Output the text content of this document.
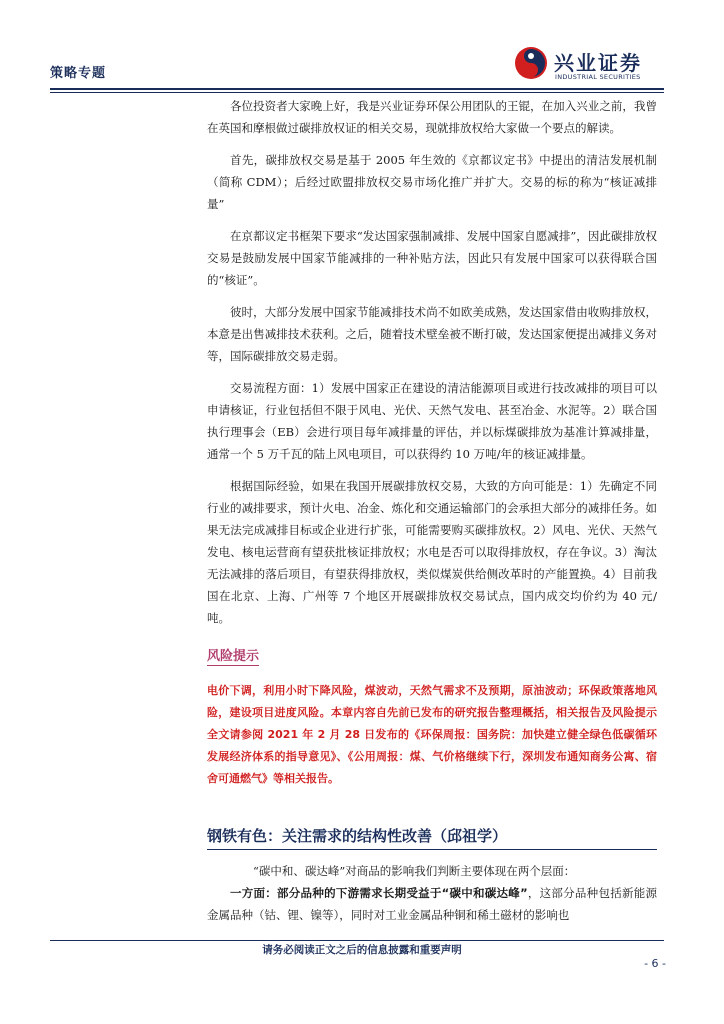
策略专题	兴业证券
INDUSTRIAL SECURITIES

各位投资者大家晚上好，我是兴业证券环保公用团队的王锟，在加入兴业之前，我曾在英国和摩根做过碳排放权证的相关交易，现就排放权给大家做一个要点的解读。

首先，碳排放权交易是基于 2005 年生效的《京都议定书》中提出的清洁发展机制（简称 CDM）；后经过欧盟排放权交易市场化推广并扩大。交易的标的称为“核证减排量”

在京都议定书框架下要求“发达国家强制减排、发展中国家自愿减排”，因此碳排放权交易是鼓励发展中国家节能减排的一种补贴方法，因此只有发展中国家可以获得联合国的“核证”。

彼时，大部分发展中国家节能减排技术尚不如欧美成熟，发达国家借由收购排放权，本意是出售减排技术获利。之后，随着技术壁垒被不断打破，发达国家便提出减排义务对等，国际碳排放交易走弱。

交易流程方面：1）发展中国家正在建设的清洁能源项目或进行技改减排的项目可以申请核证，行业包括但不限于风电、光伏、天然气发电、甚至冶金、水泥等。2）联合国执行理事会（EB）会进行项目每年减排量的评估，并以标煤碳排放为基准计算减排量，通常一个 5 万千瓦的陆上风电项目，可以获得约 10 万吨/年的核证减排量。

根据国际经验，如果在我国开展碳排放权交易，大致的方向可能是：1）先确定不同行业的减排要求，预计火电、冶金、炼化和交通运输部门的会承担大部分的减排任务。如果无法完成减排目标或企业进行扩张，可能需要购买碳排放权。2）风电、光伏、天然气发电、核电运营商有望获批核证排放权；水电是否可以取得排放权，存在争议。3）淘汰无法减排的落后项目，有望获得排放权，类似煤炭供给侧改革时的产能置换。4）目前我国在北京、上海、广州等 7 个地区开展碳排放权交易试点，国内成交均价约为 40 元/吨。

风险提示

电价下调，利用小时下降风险，煤波动，天然气需求不及预期，原油波动；环保政策落地风险，建设项目进度风险。本章内容自先前已发布的研究报告整理概括，相关报告及风险提示全文请参阅 2021 年 2 月 28 日发布的《环保周报：国务院：加快建立健全绿色低碳循环发展经济体系的指导意见》、《公用周报：煤、气价格继续下行，深圳发布通知商务公寓、宿舍可通燃气》等相关报告。

钢铁有色：关注需求的结构性改善（邱祖学）

“碳中和、碳达峰”对商品的影响我们判断主要体现在两个层面：

一方面：部分品种的下游需求长期受益于“碳中和碳达峰”，这部分品种包括新能源金属品种（钴、锂、镍等），同时对工业金属品种铜和稀土磁材的影响也

请务必阅读正文之后的信息披露和重要声明
- 6 -
